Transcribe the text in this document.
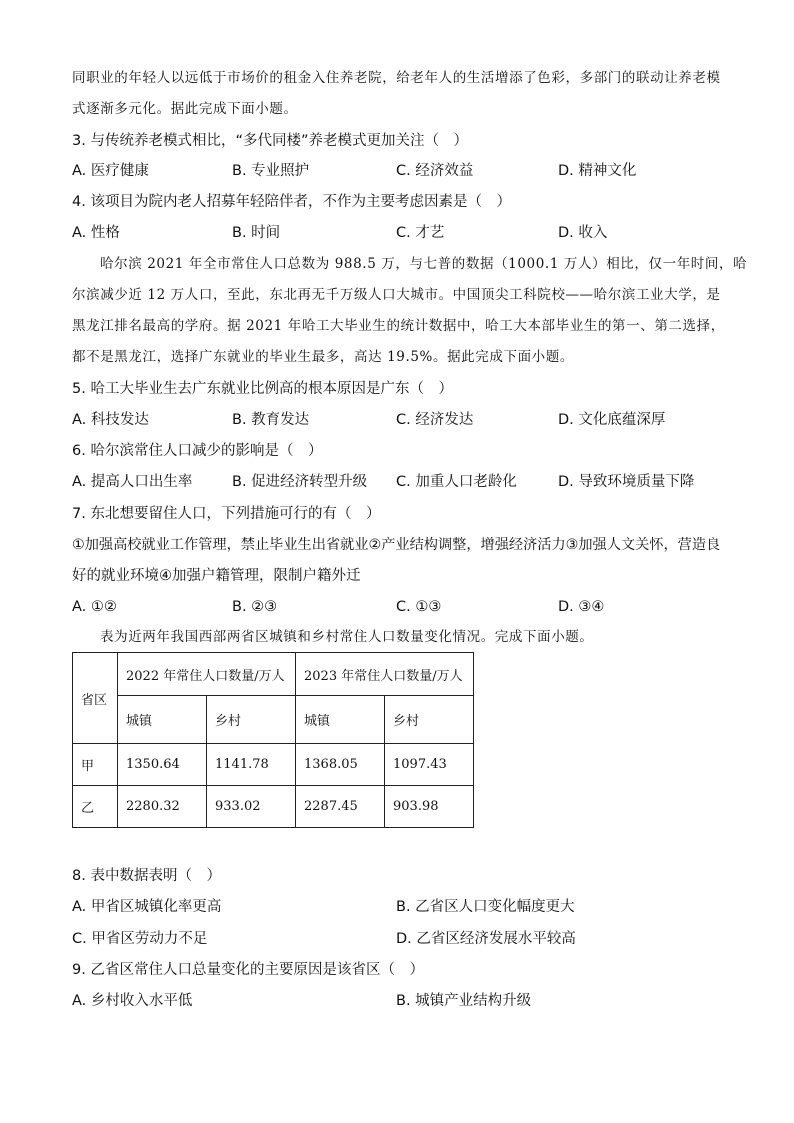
同职业的年轻人以远低于市场价的租金入住养老院，给老年人的生活增添了色彩，多部门的联动让养老模
式逐渐多元化。据此完成下面小题。
3. 与传统养老模式相比，“多代同楼”养老模式更加关注（　）
A. 医疗健康	B. 专业照护	C. 经济效益	D. 精神文化
4. 该项目为院内老人招募年轻陪伴者，不作为主要考虑因素是（　）
A. 性格	B. 时间	C. 才艺	D. 收入
哈尔滨 2021 年全市常住人口总数为 988.5 万，与七普的数据（1000.1 万人）相比，仅一年时间，哈
尔滨减少近 12 万人口，至此，东北再无千万级人口大城市。中国顶尖工科院校——哈尔滨工业大学，是
黑龙江排名最高的学府。据 2021 年哈工大毕业生的统计数据中，哈工大本部毕业生的第一、第二选择，
都不是黑龙江，选择广东就业的毕业生最多，高达 19.5%。据此完成下面小题。
5. 哈工大毕业生去广东就业比例高的根本原因是广东（　）
A. 科技发达	B. 教育发达	C. 经济发达	D. 文化底蕴深厚
6. 哈尔滨常住人口减少的影响是（　）
A. 提高人口出生率	B. 促进经济转型升级 C. 加重人口老龄化	D. 导致环境质量下降
7. 东北想要留住人口，下列措施可行的有（　）
①加强高校就业工作管理，禁止毕业生出省就业②产业结构调整，增强经济活力③加强人文关怀，营造良
好的就业环境④加强户籍管理，限制户籍外迁
A. ①②	B. ②③	C. ①③	D. ③④
表为近两年我国西部两省区城镇和乡村常住人口数量变化情况。完成下面小题。
省区	2022 年常住人口数量/万人		2023 年常住人口数量/万人	
	城镇	乡村	城镇	乡村
甲	1350.64	1141.78	1368.05	1097.43
乙	2280.32	933.02	2287.45	903.98
8. 表中数据表明（　）
A. 甲省区城镇化率更高	B. 乙省区人口变化幅度更大
C. 甲省区劳动力不足	D. 乙省区经济发展水平较高
9. 乙省区常住人口总量变化的主要原因是该省区（　）
A. 乡村收入水平低	B. 城镇产业结构升级
